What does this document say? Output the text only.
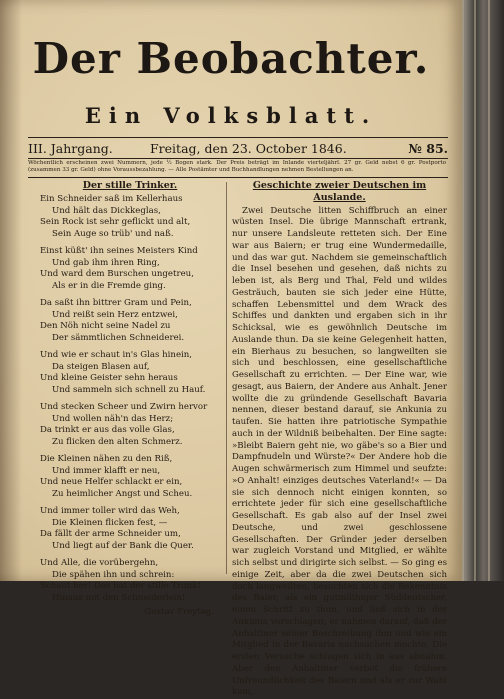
Der Beobachter.
Ein Volksblatt.
III. Jahrgang.	Freitag, den 23. October 1846.	№ 85.
Wöchentlich erscheinen zwei Nummern, jede ½ Bogen stark. Der Preis beträgt im Inlande vierteljährl. 27 gr. Geld nebst 6 gr. Postporto (zusammen 33 gr. Geld) ohne Voraussbezahlung. — Alle Postämter und Buchhandlungen nehmen Bestellungen an.
Der stille Trinker.
Ein Schneider saß im Kellerhaus
Und hält das Dickkeglas,
Sein Rock ist sehr geflickt und alt,
Sein Auge so trüb' und naß.
Einst küßt' ihn seines Meisters Kind
Und gab ihm ihren Ring,
Und ward dem Burschen ungetreu,
Als er in die Fremde ging.
Da saßt ihn bittrer Gram und Pein,
Und reißt sein Herz entzwei,
Den Nöh nicht seine Nadel zu
Der sämmtlichen Schneiderei.
Und wie er schaut in's Glas hinein,
Da steigen Blasen auf,
Und kleine Geister sehn heraus
Und sammeln sich schnell zu Hauf.
Und stecken Scheer und Zwirn hervor
Und wollen näh'n das Herz;
Da trinkt er aus das volle Glas,
Zu flicken den alten Schmerz.
Die Kleinen nähen zu den Riß,
Und immer klafft er neu,
Und neue Helfer schlackt er ein,
Zu heimlicher Angst und Scheu.
Und immer toller wird das Weh,
Die Kleinen flicken fest, —
Da fällt der arme Schneider um,
Und liegt auf der Bank die Quer.
Und Alle, die vorübergehn,
Die spähen ihn und schrein:
Schaut her! Das hat der stille Trunk!
Hinaus mit den Schneiderlein!
Gustav Freytag.
Geschichte zweier Deutschen im Auslande.

Zwei Deutsche litten Schiffbruch an einer wüsten Insel. Die übrige Mannschaft ertrank, nur unsere Landsleute retteten sich. Der Eine war aus Baiern; er trug eine Wundermedaille, und das war gut. Nachdem sie gemeinschaftlich die Insel besehen und gesehen, daß nichts zu leben ist, als Berg und Thal, Feld und wildes Gesträuch, bauten sie sich jeder eine Hütte, schaffen Lebensmittel und dem Wrack des Schiffes und dankten und ergaben sich in ihr Schicksal, wie es gewöhnlich Deutsche im Auslande thun. Da sie keine Gelegenheit hatten, ein Bierhaus zu besuchen, so langweilten sie sich und beschlossen, eine gesellschaftliche Gesellschaft zu errichten. — Der Eine war, wie gesagt, aus Baiern, der Andere aus Anhalt. Jener wollte die zu gründende Gesellschaft Bavaria nennen, dieser bestand darauf, sie Ankunia zu taufen. Sie hatten ihre patriotische Sympathie auch in der Wildniß beibehalten. Der Eine sagte: »Bleibt Baiern geht nie, wo gäbe's so a Bier und Dampfnudeln und Würste?« Der Andere hob die Augen schwärmerisch zum Himmel und seufzte: »O Anhalt! einziges deutsches Vaterland!« — Da sie sich dennoch nicht einigen konnten, so errichtete jeder für sich eine gesellschaftliche Gesellschaft. Es gab also auf der Insel zwei Deutsche, und zwei geschlossene Gesellschaften. Der Gründer jeder derselben war zugleich Vorstand und Mitglied, er wählte sich selbst und dirigirte sich selbst. — So ging es einige Zeit, aber da die zwei Deutschen sich doch langweilten, besuchten sich die Bekenntnis des Baier, als ein gutmüthiger Süddeutscher, einen Schritt zu thun, und ließ sich in der Ankunia vorschlagen; er nahmen darauf, daß der Anhaltiner seiner Beschreibung ihm und wie ein Mitglied in der Bavaria nachsuchen mochte. Die ersten Versuche schlugen sich in aus abnahm. Aber den Anhaltiner verbot die frühere Unfreundlichkeit des Baiern und als er zur Wahl kam,
